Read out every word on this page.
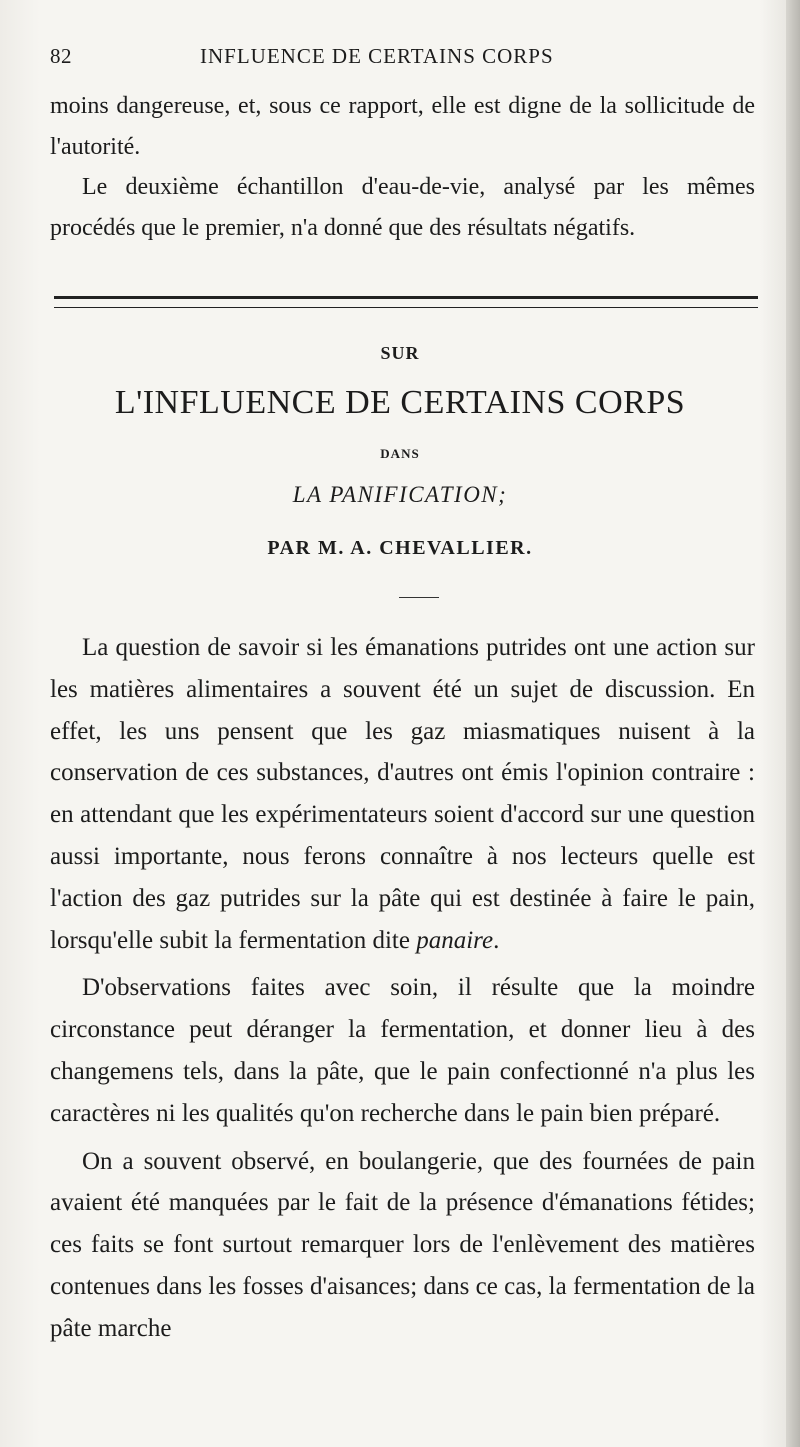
82	INFLUENCE DE CERTAINS CORPS

moins dangereuse, et, sous ce rapport, elle est digne de la sollicitude de l'autorité.

Le deuxième échantillon d'eau-de-vie, analysé par les mêmes procédés que le premier, n'a donné que des résultats négatifs.

SUR
L'INFLUENCE DE CERTAINS CORPS
DANS
LA PANIFICATION;
PAR M. A. CHEVALLIER.

La question de savoir si les émanations putrides ont une action sur les matières alimentaires a souvent été un sujet de discussion. En effet, les uns pensent que les gaz miasmatiques nuisent à la conservation de ces substances, d'autres ont émis l'opinion contraire : en attendant que les expérimentateurs soient d'accord sur une question aussi importante, nous ferons connaître à nos lecteurs quelle est l'action des gaz putrides sur la pâte qui est destinée à faire le pain, lorsqu'elle subit la fermentation dite panaire.

D'observations faites avec soin, il résulte que la moindre circonstance peut déranger la fermentation, et donner lieu à des changemens tels, dans la pâte, que le pain confectionné n'a plus les caractères ni les qualités qu'on recherche dans le pain bien préparé.

On a souvent observé, en boulangerie, que des fournées de pain avaient été manquées par le fait de la présence d'émanations fétides; ces faits se font surtout remarquer lors de l'enlèvement des matières contenues dans les fosses d'aisances; dans ce cas, la fermentation de la pâte marche
